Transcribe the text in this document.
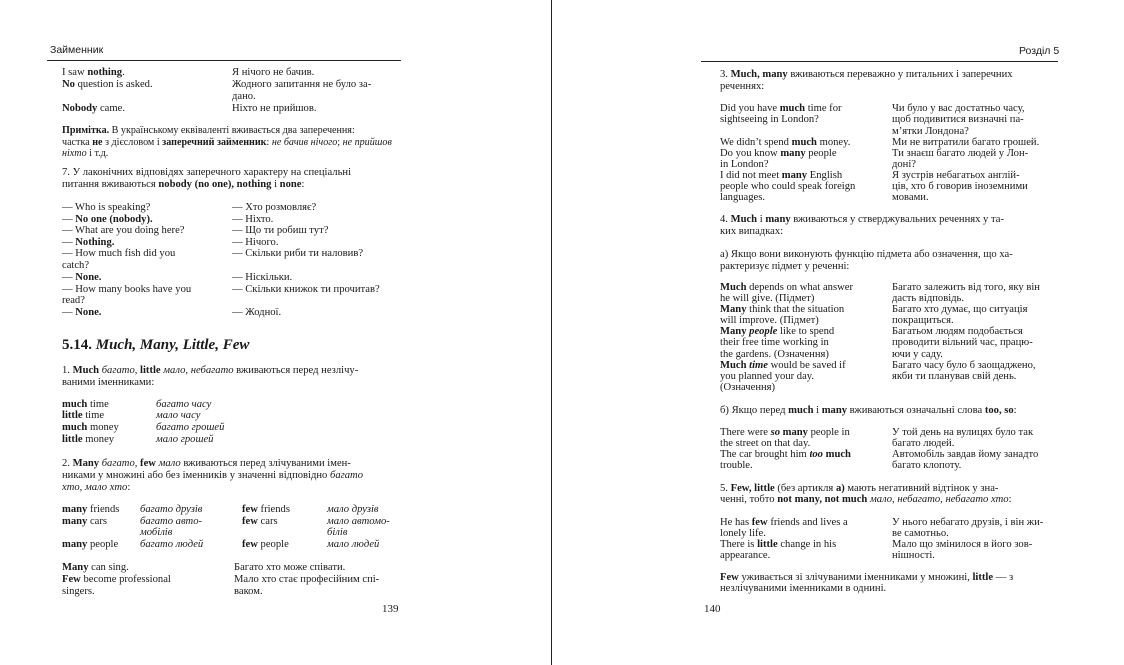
Займенник
I saw nothing.	Я нічого не бачив.
No question is asked.	Жодного запитання не було за-
дано.
Nobody came.	Ніхто не прийшов.
Примітка. В українському еквіваленті вживається два заперечення:
частка не з дієсловом і заперечний займенник: не бачив нічого; не прийшов
ніхто і т.д.
7. У лаконічних відповідях заперечного характеру на спеціальні
питання вживаються nobody (no one), nothing і none:
— Who is speaking?	— Хто розмовляє?
— No one (nobody).	— Ніхто.
— What are you doing here?	— Що ти робиш тут?
— Nothing.	— Нічого.
— How much fish did you	— Скільки риби ти наловив?
catch?
— None.	— Нiскiльки.
— How many books have you	— Скільки книжок ти прочитав?
read?
— None.	— Жодної.
5.14. Much, Many, Little, Few
1. Much багато, little мало, небагато вживаються перед незлічу-
ваними іменниками:
much time	багато часу
little time	мало часу
much money	багато грошей
little money	мало грошей
2. Many багато, few мало вживаються перед злічуваними імен-
никами у множині або без іменників у значенні відповідно багато
хто, мало хто:
many friends багато друзів	few friends	мало друзів
many cars	багато авто-	few cars	мало автомо-
мобілів	білів
many people багато людей	few people	мало людей
Many can sing.	Багато хто може співати.
Few become professional	Мало хто стає професійним спі-
singers.	ваком.
139
Розділ 5
3. Much, many вживаються переважно у питальних і заперечних
реченнях:
Did you have much time for	Чи було у вас достатньо часу,
sightseeing in London?	щоб подивитися визначні па-
м’ятки Лондона?
We didn’t spend much money.	Ми не витратили багато грошей.
Do you know many people	Ти знаєш багато людей у Лон-
in London?	доні?
I did not meet many English	Я зустрів небагатьох англій-
people who could speak foreign	ців, хто б говорив іноземними
languages.	мовами.
4. Much і many вживаються у стверджувальних реченнях у та-
ких випадках:
а) Якщо вони виконують функцію підмета або означення, що ха-
рактеризує підмет у реченні:
Much depends on what answer	Багато залежить від того, яку він
he will give. (Підмет)	дасть відповідь.
Many think that the situation	Багато хто думає, що ситуація
will improve. (Підмет)	покращиться.
Many people like to spend	Багатьом людям подобається
their free time working in	проводити вільний час, працю-
the gardens. (Означення)	ючи у саду.
Much time would be saved if	Багато часу було б заощаджено,
you planned your day.	якби ти планував свій день.
(Означення)
б) Якщо перед much і many вживаються означальні слова too, so:
There were so many people in	У той день на вулицях було так
the street on that day.	багато людей.
The car brought him too much	Автомобіль завдав йому занадто
trouble.	багато клопоту.
5. Few, little (без артикля a) мають негативний відтінок у зна-
ченні, тобто not many, not much мало, небагато, небагато хто:
He has few friends and lives a	У нього небагато друзів, і він жи-
lonely life.	ве самотньо.
There is little change in his	Мало що змінилося в його зов-
appearance.	нішності.
Few уживається зі злічуваними іменниками у множині, little — з
незлічуваними іменниками в однині.
140
